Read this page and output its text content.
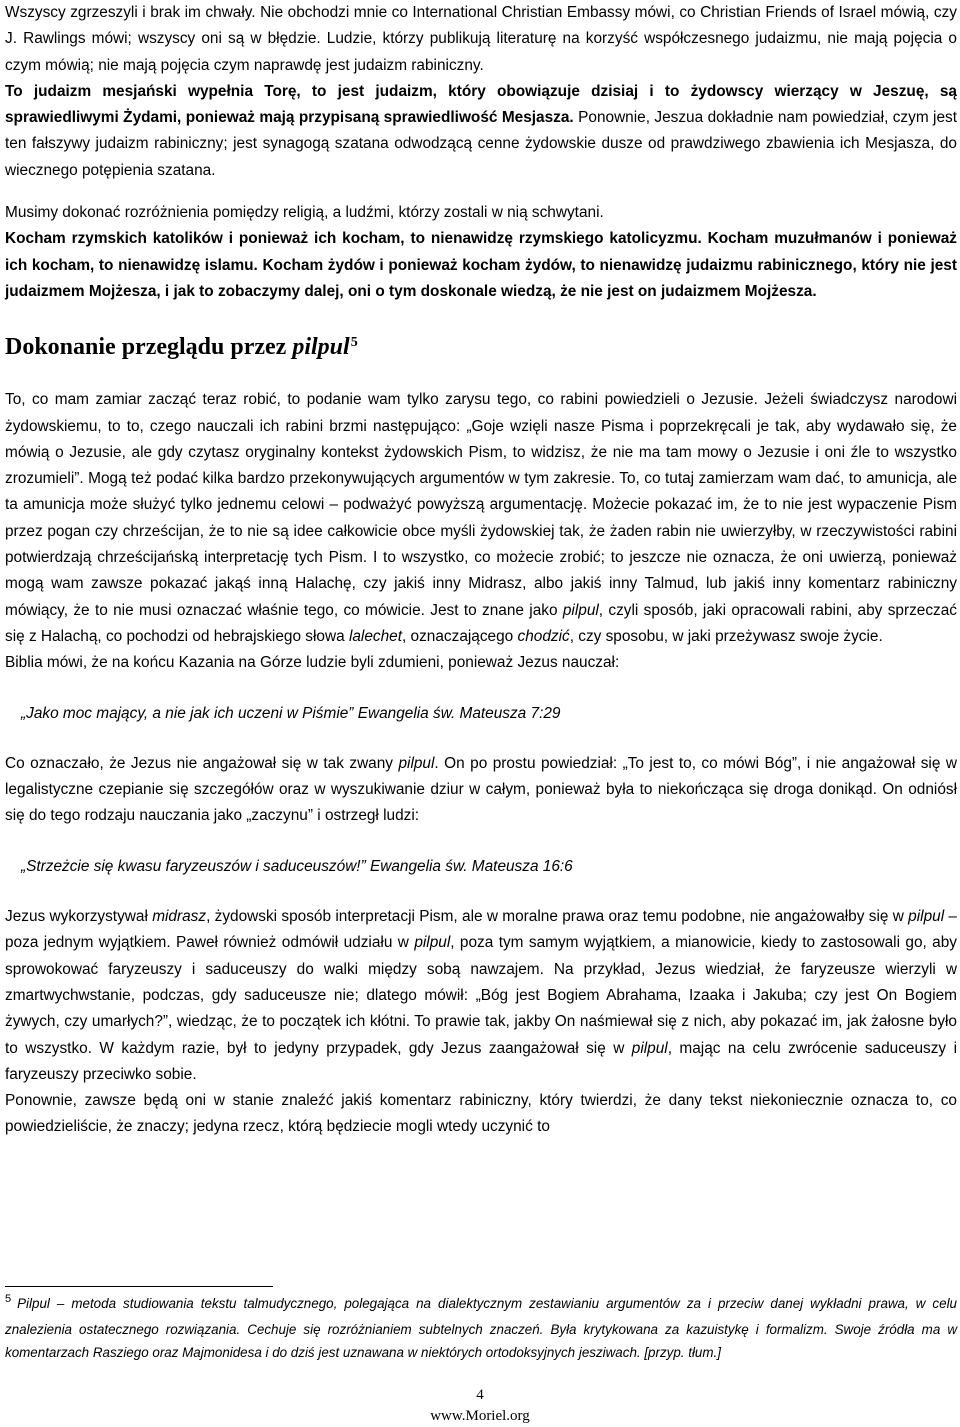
Wszyscy zgrzeszyli i brak im chwały. Nie obchodzi mnie co International Christian Embassy mówi, co Christian Friends of Israel mówią, czy J. Rawlings mówi; wszyscy oni są w błędzie. Ludzie, którzy publikują literaturę na korzyść współczesnego judaizmu, nie mają pojęcia o czym mówią; nie mają pojęcia czym naprawdę jest judaizm rabiniczny.

To judaizm mesjański wypełnia Torę, to jest judaizm, który obowiązuje dzisiaj i to żydowscy wierzący w Jeszuę, są sprawiedliwymi Żydami, ponieważ mają przypisaną sprawiedliwość Mesjasza. Ponownie, Jeszua dokładnie nam powiedział, czym jest ten fałszywy judaizm rabiniczny; jest synagogą szatana odwodzącą cenne żydowskie dusze od prawdziwego zbawienia ich Mesjasza, do wiecznego potępienia szatana.

Musimy dokonać rozróżnienia pomiędzy religią, a ludźmi, którzy zostali w nią schwytani.
Kocham rzymskich katolików i ponieważ ich kocham, to nienawidzę rzymskiego katolicyzmu. Kocham muzułmanów i ponieważ ich kocham, to nienawidzę islamu. Kocham żydów i ponieważ kocham żydów, to nienawidzę judaizmu rabinicznego, który nie jest judaizmem Mojżesza, i jak to zobaczymy dalej, oni o tym doskonale wiedzą, że nie jest on judaizmem Mojżesza.

Dokonanie przeglądu przez pilpul$^5$

To, co mam zamiar zacząć teraz robić, to podanie wam tylko zarysu tego, co rabini powiedzieli o Jezusie. Jeżeli świadczysz narodowi żydowskiemu, to to, czego nauczali ich rabini brzmi następująco: „Goje wzięli nasze Pisma i poprzekręcali je tak, aby wydawało się, że mówią o Jezusie, ale gdy czytasz oryginalny kontekst żydowskich Pism, to widzisz, że nie ma tam mowy o Jezusie i oni źle to wszystko zrozumieli”. Mogą też podać kilka bardzo przekonywujących argumentów w tym zakresie. To, co tutaj zamierzam wam dać, to amunicja, ale ta amunicja może służyć tylko jednemu celowi ‒ podważyć powyższą argumentację. Możecie pokazać im, że to nie jest wypaczenie Pism przez pogan czy chrześcijan, że to nie są idee całkowicie obce myśli żydowskiej tak, że żaden rabin nie uwierzyłby, w rzeczywistości rabini potwierdzają chrześcijańską interpretację tych Pism. I to wszystko, co możecie zrobić; to jeszcze nie oznacza, że oni uwierzą, ponieważ mogą wam zawsze pokazać jakąś inną Halachę, czy jakiś inny Midrasz, albo jakiś inny Talmud, lub jakiś inny komentarz rabiniczny mówiący, że to nie musi oznaczać właśnie tego, co mówicie. Jest to znane jako pilpul, czyli sposób, jaki opracowali rabini, aby sprzeczać się z Halachą, co pochodzi od hebrajskiego słowa lalechet, oznaczającego chodzić, czy sposobu, w jaki przeżywasz swoje życie.

Biblia mówi, że na końcu Kazania na Górze ludzie byli zdumieni, ponieważ Jezus nauczał:

„Jako moc mający, a nie jak ich uczeni w Piśmie” Ewangelia św. Mateusza 7:29

Co oznaczało, że Jezus nie angażował się w tak zwany pilpul. On po prostu powiedział: „To jest to, co mówi Bóg”, i nie angażował się w legalistyczne czepianie się szczegółów oraz w wyszukiwanie dziur w całym, ponieważ była to niekończąca się droga donikąd. On odniósł się do tego rodzaju nauczania jako „zaczynu” i ostrzegł ludzi:

„Strzeżcie się kwasu faryzeuszów i saduceuszów!” Ewangelia św. Mateusza 16:6

Jezus wykorzystywał midrasz, żydowski sposób interpretacji Pism, ale w moralne prawa oraz temu podobne, nie angażowałby się w pilpul ‒ poza jednym wyjątkiem. Paweł również odmówił udziału w pilpul, poza tym samym wyjątkiem, a mianowicie, kiedy to zastosowali go, aby sprowokować faryzeuszy i saduceuszy do walki między sobą nawzajem. Na przykład, Jezus wiedział, że faryzeusze wierzyli w zmartwychwstanie, podczas, gdy saduceusze nie; dlatego mówił: „Bóg jest Bogiem Abrahama, Izaaka i Jakuba; czy jest On Bogiem żywych, czy umarłych?”, wiedząc, że to początek ich kłótni. To prawie tak, jakby On naśmiewał się z nich, aby pokazać im, jak żałosne było to wszystko. W każdym razie, był to jedyny przypadek, gdy Jezus zaangażował się w pilpul, mając na celu zwrócenie saduceuszy i faryzeuszy przeciwko sobie.

Ponownie, zawsze będą oni w stanie znaleźć jakiś komentarz rabiniczny, który twierdzi, że dany tekst niekoniecznie oznacza to, co powiedzieliście, że znaczy; jedyna rzecz, którą będziecie mogli wtedy uczynić to

$^5$ Pilpul ‒ metoda studiowania tekstu talmudycznego, polegająca na dialektycznym zestawianiu argumentów za i przeciw danej wykładni prawa, w celu znalezienia ostatecznego rozwiązania. Cechuje się rozróżnianiem subtelnych znaczeń. Była krytykowana za kazuistykę i formalizm. Swoje źródła ma w komentarzach Rasziego oraz Majmonidesa i do dziś jest uznawana w niektórych ortodoksyjnych jesziwach. [przyp. tłum.]
4
www.Moriel.org
